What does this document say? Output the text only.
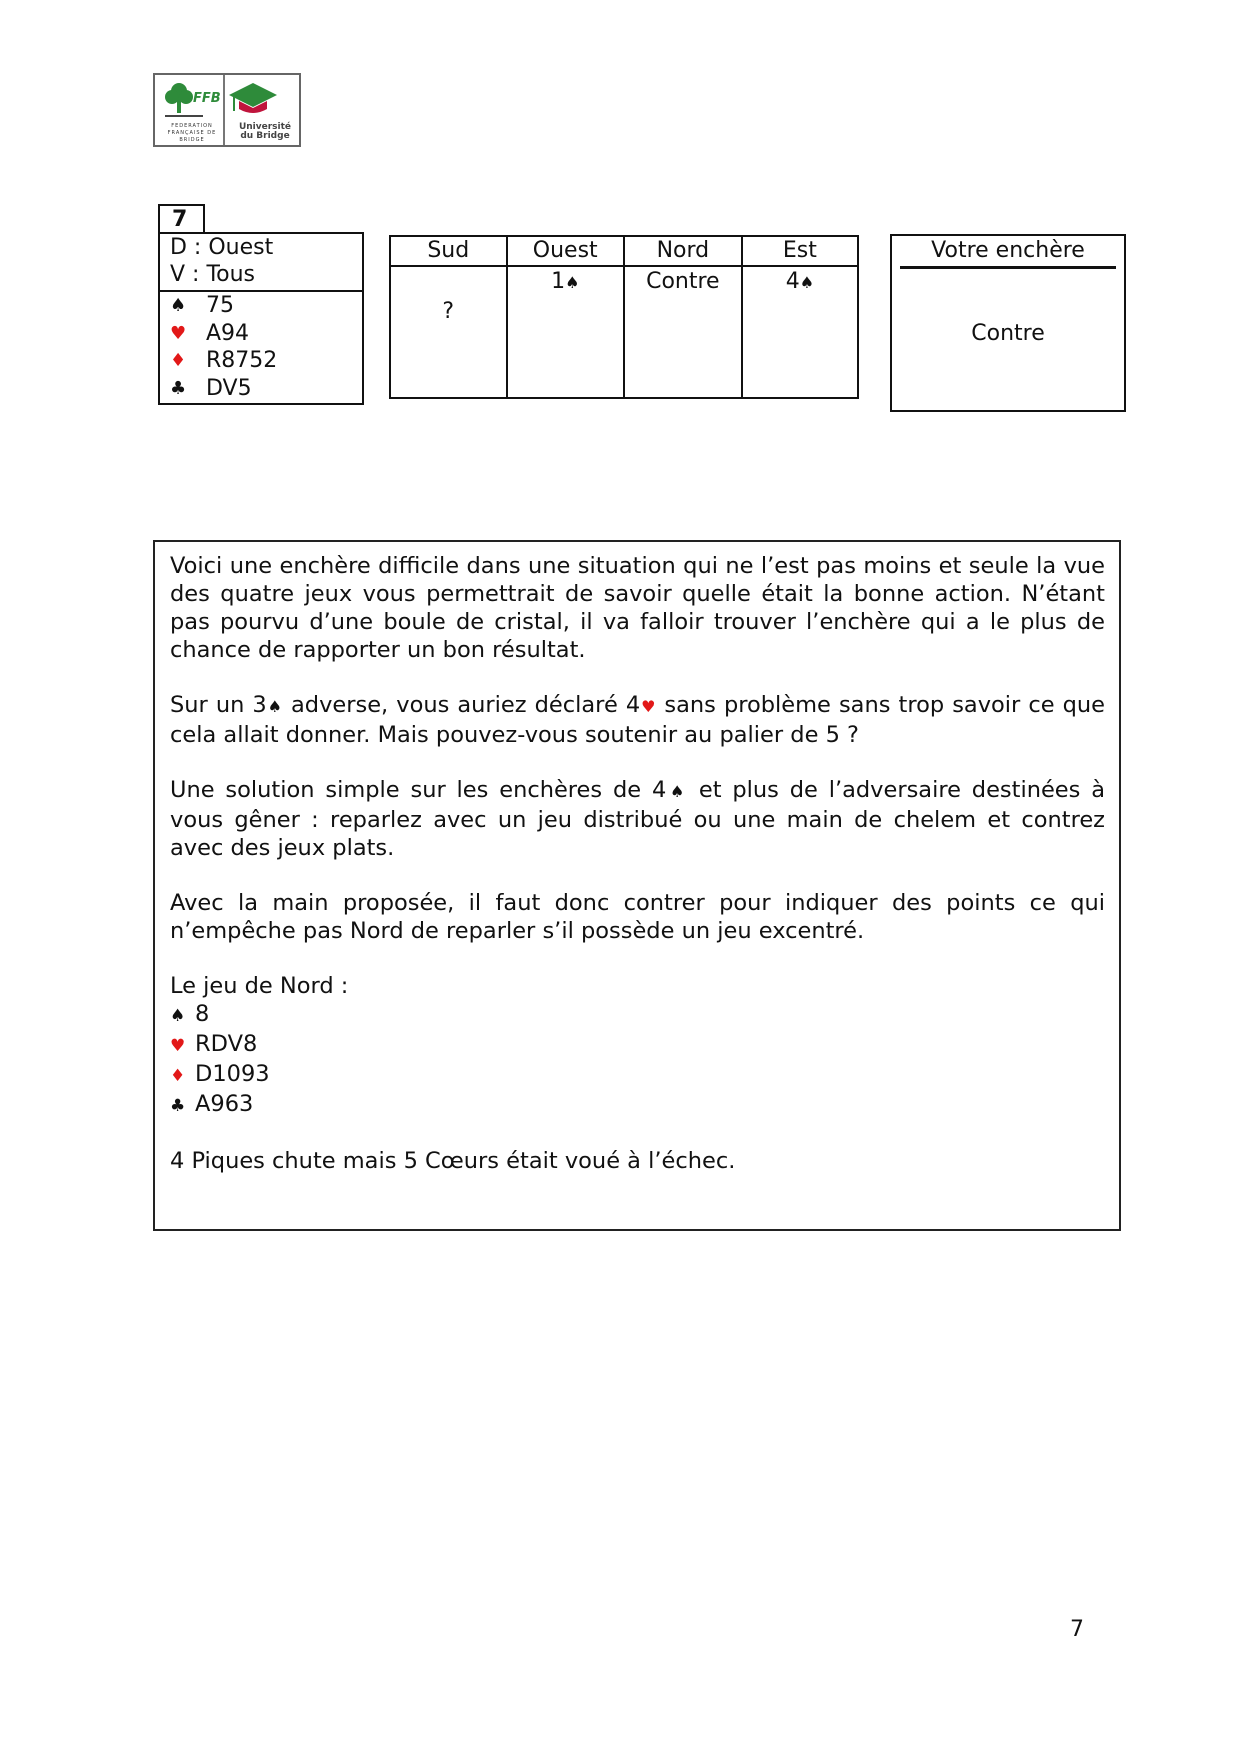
FFB
FEDERATION FRANÇAISE DE BRIDGE
Université du Bridge
7
D : Ouest
V : Tous
♠ 75
♥ A94
♦ R8752
♣ DV5
Sud	Ouest	Nord	Est

?	1♠	Contre	4♠
Votre enchère
Contre

Voici une enchère difficile dans une situation qui ne l’est pas moins et seule la vue des quatre jeux vous permettrait de savoir quelle était la bonne action. N’étant pas pourvu d’une boule de cristal, il va falloir trouver l’enchère qui a le plus de chance de rapporter un bon résultat.

Sur un 3♠ adverse, vous auriez déclaré 4♥ sans problème sans trop savoir ce que cela allait donner. Mais pouvez-vous soutenir au palier de 5 ?

Une solution simple sur les enchères de 4♠ et plus de l’adversaire destinées à vous gêner : reparlez avec un jeu distribué ou une main de chelem et contrez avec des jeux plats.

Avec la main proposée, il faut donc contrer pour indiquer des points ce qui n’empêche pas Nord de reparler s’il possède un jeu excentré.

Le jeu de Nord :
♠ 8
♥ RDV8
♦ D1093
♣ A963

4 Piques chute mais 5 Cœurs était voué à l’échec.

7
